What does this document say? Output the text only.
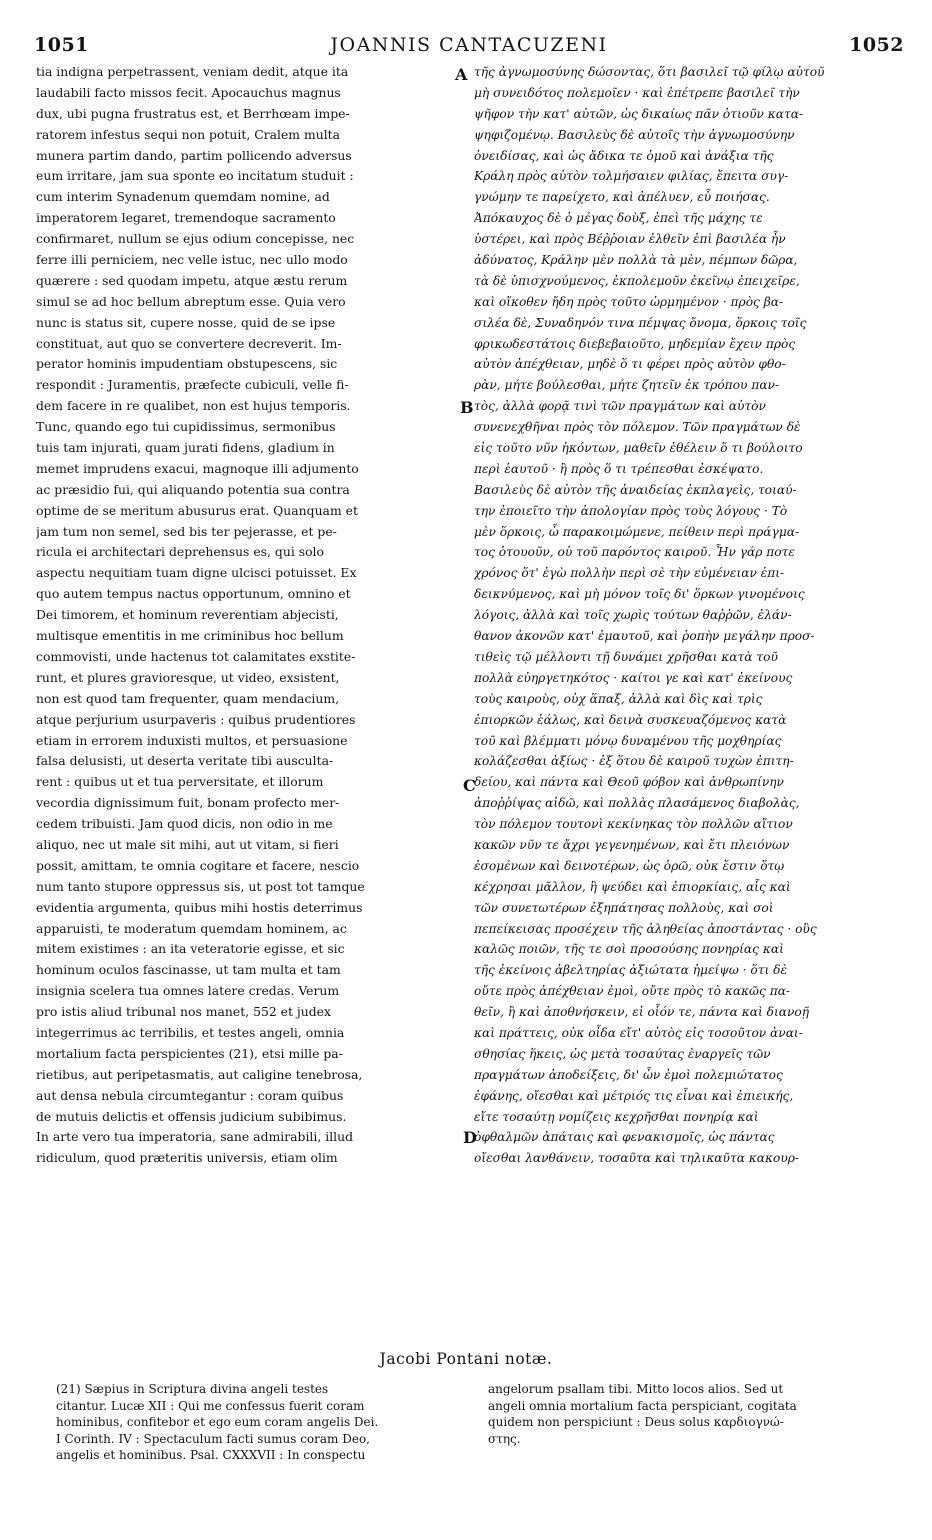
1051	JOANNIS CANTACUZENI	1052
tia indigna perpetrassent, veniam dedit, atque ita
laudabili facto missos fecit. Apocauchus magnus
dux, ubi pugna frustratus est, et Berrhœam impe-
ratorem infestus sequi non potuit, Cralem multa
munera partim dando, partim pollicendo adversus
eum irritare, jam sua sponte eo incitatum studuit :
cum interim Synadenum quemdam nomine, ad
imperatorem legaret, tremendoque sacramento
confirmaret, nullum se ejus odium concepisse, nec
ferre illi perniciem, nec velle istuc, nec ullo modo
quærere : sed quodam impetu, atque æstu rerum
simul se ad hoc bellum abreptum esse. Quia vero
nunc is status sit, cupere nosse, quid de se ipse
constituat, aut quo se convertere decreverit. Im-
perator hominis impudentiam obstupescens, sic
respondit : Juramentis, præfecte cubiculi, velle fi-
dem facere in re qualibet, non est hujus temporis.
Tunc, quando ego tui cupidissimus, sermonibus
tuis tam injurati, quam jurati fidens, gladium in
memet imprudens exacui, magnoque illi adjumento
ac præsidio fui, qui aliquando potentia sua contra
optime de se meritum abusurus erat. Quanquam et
jam tum non semel, sed bis ter pejerasse, et pe-
ricula ei architectari deprehensus es, qui solo
aspectu nequitiam tuam digne ulcisci potuisset. Ex
quo autem tempus nactus opportunum, omnino et
Dei timorem, et hominum reverentiam abjecisti,
multisque ementitis in me criminibus hoc bellum
commovisti, unde hactenus tot calamitates exstite-
runt, et plures gravioresque, ut video, exsistent,
non est quod tam frequenter, quam mendacium,
atque perjurium usurpaveris : quibus prudentiores
etiam in errorem induxisti multos, et persuasione
falsa delusisti, ut deserta veritate tibi ausculta-
rent : quibus ut et tua perversitate, et illorum
vecordia dignissimum fuit, bonam profecto mer-
cedem tribuisti. Jam quod dicis, non odio in me
aliquo, nec ut male sit mihi, aut ut vitam, si fieri
possit, amittam, te omnia cogitare et facere, nescio
num tanto stupore oppressus sis, ut post tot tamque
evidentia argumenta, quibus mihi hostis deterrimus
apparuisti, te moderatum quemdam hominem, ac
mitem existimes : an ita veteratorie egisse, et sic
hominum oculos fascinasse, ut tam multa et tam
insignia scelera tua omnes latere credas. Verum
pro istis aliud tribunal nos manet, 552 et judex
integerrimus ac terribilis, et testes angeli, omnia
mortalium facta perspicientes (21), etsi mille pa-
rietibus, aut peripetasmatis, aut caligine tenebrosa,
aut densa nebula circumtegantur : coram quibus
de mutuis delictis et offensis judicium subibimus.
In arte vero tua imperatoria, sane admirabili, illud
ridiculum, quod præteritis universis, etiam olim
τῆς ἀγνωμοσύνης δώσοντας, ὅτι βασιλεῖ τῷ φίλῳ αὐτοῦ
μὴ συνειδότος πολεμοῖεν · καὶ ἐπέτρεπε βασιλεῖ τὴν
ψῆφον τὴν κατ' αὐτῶν, ὡς δικαίως πᾶν ὁτιοῦν κατα-
ψηφιζομένῳ. Βασιλεὺς δὲ αὐτοῖς τὴν ἀγνωμοσύνην
ὀνειδίσας, καὶ ὡς ἄδικα τε ὁμοῦ καὶ ἀνάξια τῆς
Κράλη πρὸς αὐτὸν τολμήσαιεν φιλίας, ἔπειτα συγ-
γνώμην τε παρείχετο, καὶ ἀπέλυεν, εὖ ποιήσας.
Ἀπόκαυχος δὲ ὁ μέγας δοὺξ, ἐπεὶ τῆς μάχης τε
ὑστέρει, καὶ πρὸς Βέῤῥοιαν ἐλθεῖν ἐπὶ βασιλέα ἦν
ἀδύνατος, Κράλην μὲν πολλὰ τὰ μὲν, πέμπων δῶρα,
τὰ δὲ ὑπισχνούμενος, ἐκπολεμοῦν ἐκεῖνῳ ἐπειχεῖρε,
καὶ οἴκοθεν ἤδη πρὸς τοῦτο ὡρμημένον · πρὸς βα-
σιλέα δὲ, Συναδηνόν τινα πέμψας ὄνομα, ὅρκοις τοῖς
φρικωδεστάτοις διεβεβαιοῦτο, μηδεμίαν ἔχειν πρὸς
αὐτὸν ἀπέχθειαν, μηδὲ ὅ τι φέρει πρὸς αὐτὸν φθο-
ρὰν, μήτε βούλεσθαι, μήτε ζητεῖν ἐκ τρόπου παν-
τὸς, ἀλλὰ φορᾷ τινὶ τῶν πραγμάτων καὶ αὐτὸν
συνενεχθῆναι πρὸς τὸν πόλεμον. Τῶν πραγμάτων δὲ
εἰς τοῦτο νῦν ἡκόντων, μαθεῖν ἐθέλειν ὅ τι βούλοιτο
περὶ ἑαυτοῦ · ἢ πρὸς ὅ τι τρέπεσθαι ἐσκέψατο.
Βασιλεὺς δὲ αὐτὸν τῆς ἀναιδείας ἐκπλαγεὶς, τοιαύ-
την ἐποιεῖτο τὴν ἀπολογίαν πρὸς τοὺς λόγους · Τὸ
μὲν ὅρκοις, ὦ παρακοιμώμενε, πείθειν περὶ πράγμα-
τος ὁτουοῦν, οὐ τοῦ παρόντος καιροῦ. Ἦν γάρ ποτε
χρόνος ὅτ' ἐγὼ πολλὴν περὶ σὲ τὴν εὐμένειαν ἐπι-
δεικνύμενος, καὶ μὴ μόνον τοῖς δι' ὅρκων γινομένοις
λόγοις, ἀλλὰ καὶ τοῖς χωρὶς τούτων θαῤῥῶν, ἐλάν-
θανον ἀκονῶν κατ' ἐμαυτοῦ, καὶ ῥοπὴν μεγάλην προσ-
τιθεὶς τῷ μέλλοντι τῇ δυνάμει χρῆσθαι κατὰ τοῦ
πολλὰ εὐηργετηκότος · καίτοι γε καὶ κατ' ἐκείνους
τοὺς καιροὺς, οὐχ ἅπαξ, ἀλλὰ καὶ δὶς καὶ τρὶς
ἐπιορκῶν ἑάλως, καὶ δεινὰ συσκευαζόμενος κατὰ
τοῦ καὶ βλέμματι μόνῳ δυναμένου τῆς μοχθηρίας
κολάζεσθαι ἀξίως · ἐξ ὅτου δὲ καιροῦ τυχὼν ἐπιτη-
δείου, καὶ πάντα καὶ Θεοῦ φόβον καὶ ἀνθρωπίνην
ἀποῤῥίψας αἰδῶ, καὶ πολλὰς πλασάμενος διαβολὰς,
τὸν πόλεμον τουτονὶ κεκίνηκας τὸν πολλῶν αἴτιον
κακῶν νῦν τε ἄχρι γεγενημένων, καὶ ἔτι πλειόνων
ἐσομένων καὶ δεινοτέρων, ὡς ὁρῶ, οὐκ ἔστιν ὅτῳ
κέχρησαι μᾶλλον, ἢ ψεύδει καὶ ἐπιορκίαις, αἷς καὶ
τῶν συνετωτέρων ἐξηπάτησας πολλοὺς, καὶ σοὶ
πεπείκεισας προσέχειν τῆς ἀληθείας ἀποστάντας · οὓς
καλῶς ποιῶν, τῆς τε σοὶ προσούσης πονηρίας καὶ
τῆς ἐκείνοις ἀβελτηρίας ἀξιώτατα ἠμείψω · ὅτι δὲ
οὔτε πρὸς ἀπέχθειαν ἐμοὶ, οὔτε πρὸς τὸ κακῶς πα-
θεῖν, ἢ καὶ ἀποθνήσκειν, εἰ οἷόν τε, πάντα καὶ διανοῇ
καὶ πράττεις, οὐκ οἶδα εἴτ' αὐτὸς εἰς τοσοῦτον ἀναι-
σθησίας ἥκεις, ὡς μετὰ τοσαύτας ἐναργεῖς τῶν
πραγμάτων ἀποδείξεις, δι' ὧν ἐμοὶ πολεμιώτατος
ἐφάνης, οἴεσθαι καὶ μέτριός τις εἶναι καὶ ἐπιεικής,
εἴτε τοσαύτῃ νομίζεις κεχρῆσθαι πονηρίᾳ καὶ
ὀφθαλμῶν ἀπάταις καὶ φενακισμοῖς, ὡς πάντας
οἴεσθαι λανθάνειν, τοσαῦτα καὶ τηλικαῦτα κακουρ-
A
B
C
D
Jacobi Pontani notæ.
(21) Sæpius in Scriptura divina angeli testes
citantur. Lucæ XII : Qui me confessus fuerit coram
hominibus, confitebor et ego eum coram angelis Dei.
I Corinth. IV : Spectaculum facti sumus coram Deo,
angelis et hominibus. Psal. CXXXVII : In conspectu
angelorum psallam tibi. Mitto locos alios. Sed ut
angeli omnia mortalium facta perspiciant, cogitata
quidem non perspiciunt : Deus solus καρδιογνώ-
στης.
